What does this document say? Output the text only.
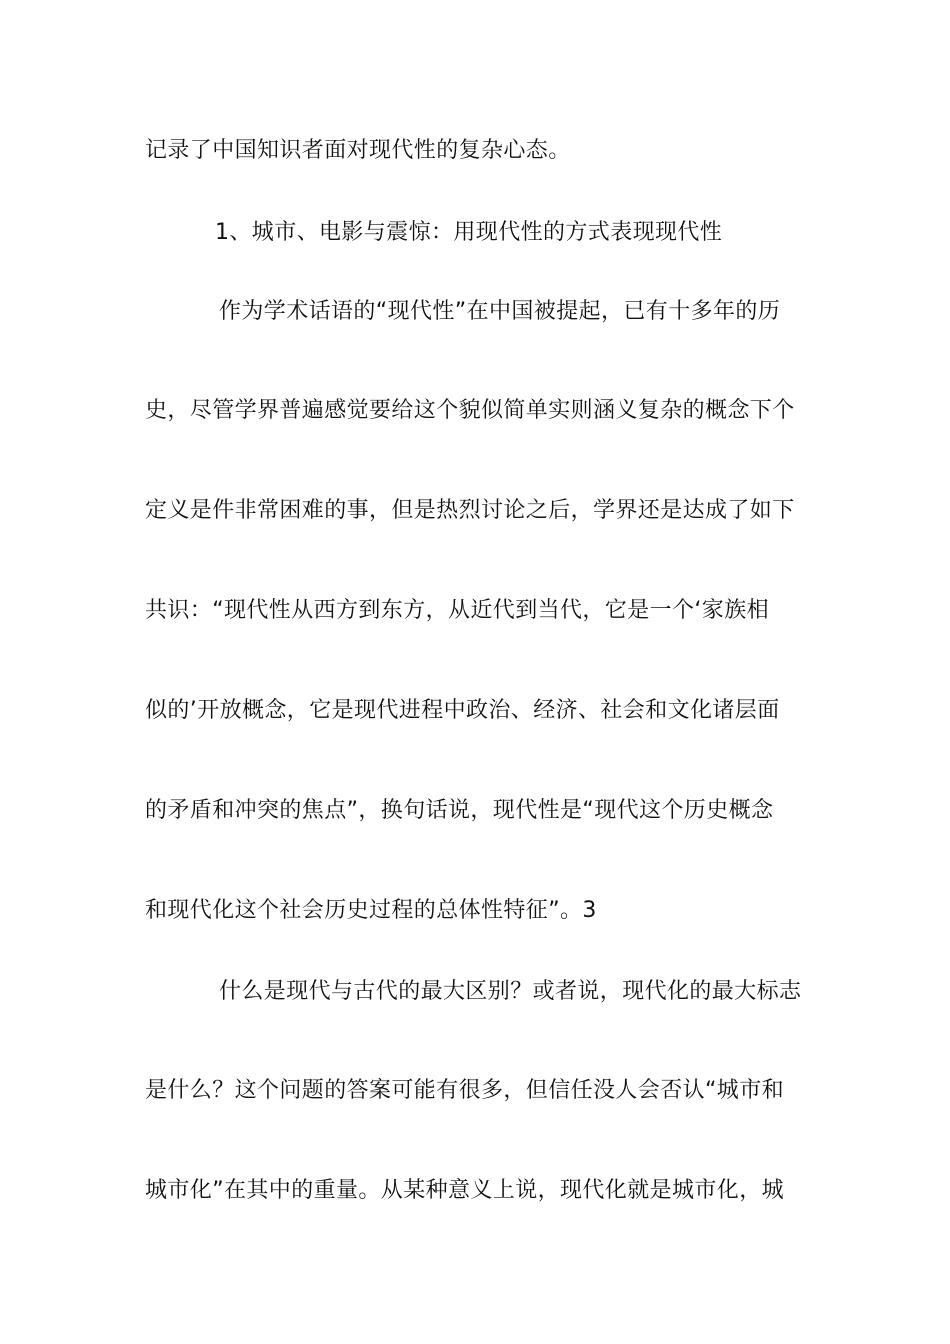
记录了中国知识者面对现代性的复杂心态。
1、城市、电影与震惊：用现代性的方式表现现代性
作为学术话语的“现代性”在中国被提起，已有十多年的历
史，尽管学界普遍感觉要给这个貌似简单实则涵义复杂的概念下个
定义是件非常困难的事，但是热烈讨论之后，学界还是达成了如下
共识：“现代性从西方到东方，从近代到当代，它是一个‘家族相
似的’开放概念，它是现代进程中政治、经济、社会和文化诸层面
的矛盾和冲突的焦点”，换句话说，现代性是“现代这个历史概念
和现代化这个社会历史过程的总体性特征”。3
什么是现代与古代的最大区别？或者说，现代化的最大标志
是什么？这个问题的答案可能有很多，但信任没人会否认“城市和
城市化”在其中的重量。从某种意义上说，现代化就是城市化，城
